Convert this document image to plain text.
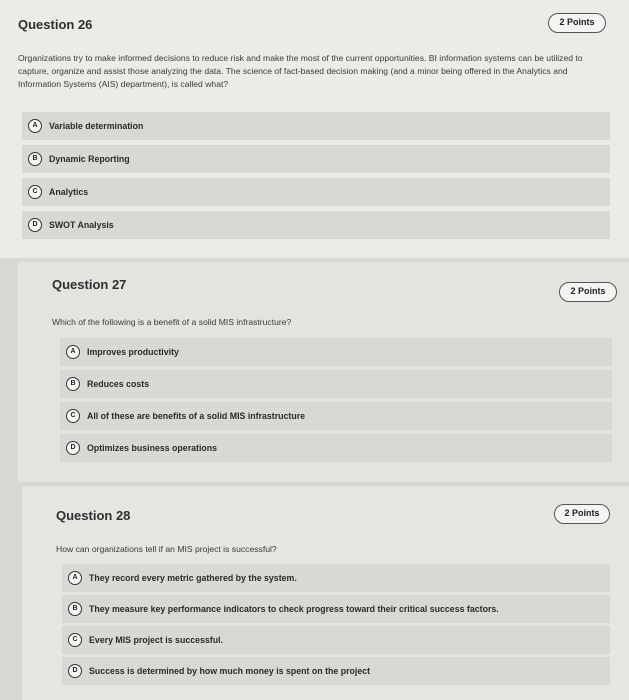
Question 26	2 Points
Organizations try to make informed decisions to reduce risk and make the most of the current opportunities. BI information systems can be utilized to capture, organize and assist those analyzing the data. The science of fact-based decision making (and a minor being offered in the Analytics and Information Systems (AIS) department), is called what?
A	Variable determination
B	Dynamic Reporting
C	Analytics
D	SWOT Analysis
Question 27	2 Points
Which of the following is a benefit of a solid MIS infrastructure?
A	Improves productivity
B	Reduces costs
C	All of these are benefits of a solid MIS infrastructure
D	Optimizes business operations
Question 28	2 Points
How can organizations tell if an MIS project is successful?
A	They record every metric gathered by the system.
B	They measure key performance indicators to check progress toward their critical success factors.
C	Every MIS project is successful.
D	Success is determined by how much money is spent on the project
